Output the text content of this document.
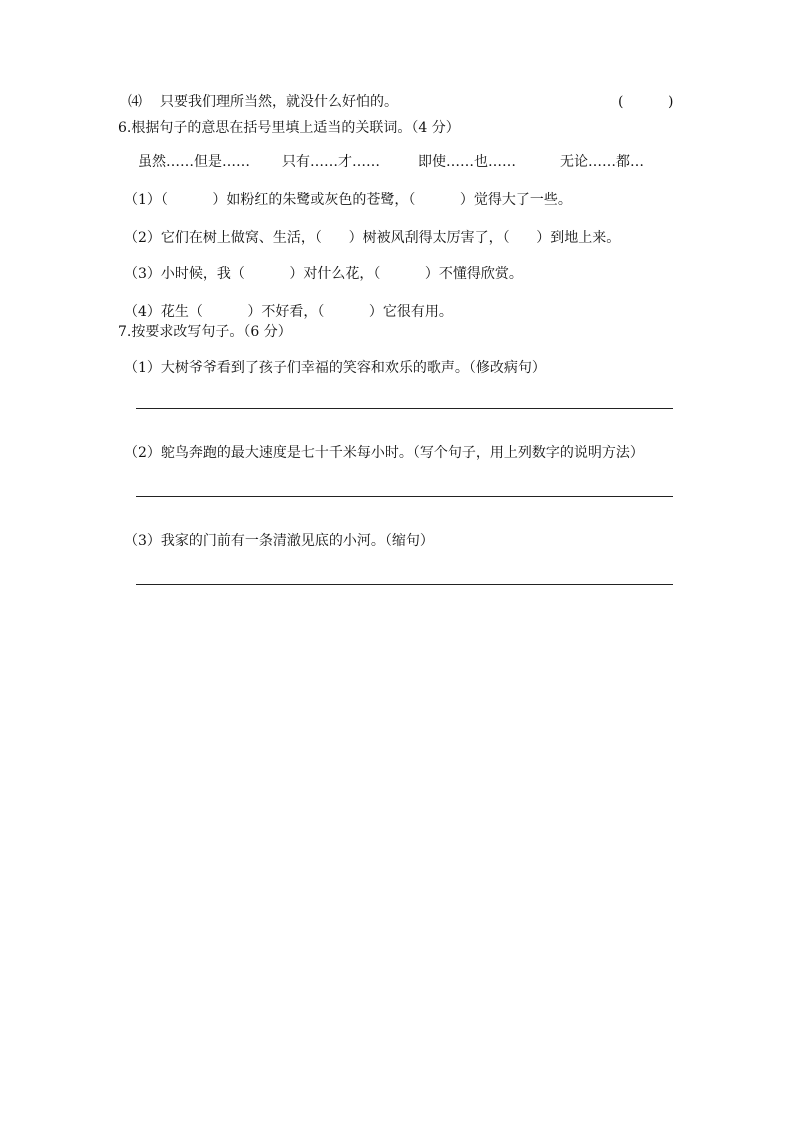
⑷ 只要我们理所当然，就没什么好怕的。	(          )
6.根据句子的意思在括号里填上适当的关联词。（4 分）
虽然……但是…… 只有……才……	即使……也……	无论……都…
（1）（          ）如粉红的朱鹭或灰色的苍鹭，（          ）觉得大了一些。
（2）它们在树上做窝、生活，（      ）树被风刮得太厉害了，（      ）到地上来。
（3）小时候，我（          ）对什么花，（          ）不懂得欣赏。
（4）花生（          ）不好看，（          ）它很有用。
7.按要求改写句子。（6 分）
（1）大树爷爷看到了孩子们幸福的笑容和欢乐的歌声。（修改病句）
（2）鸵鸟奔跑的最大速度是七十千米每小时。（写个句子，用上列数字的说明方法）
（3）我家的门前有一条清澈见底的小河。（缩句）
